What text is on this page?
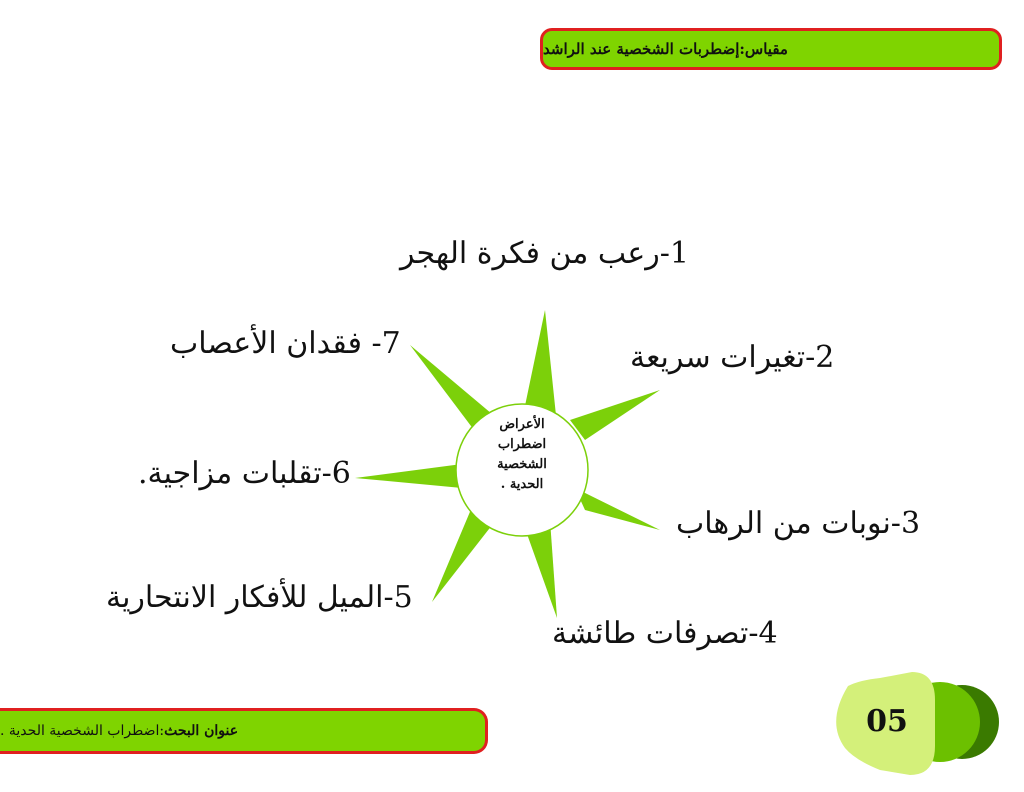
مقياس:إضطربات الشخصية عند الراشد
الأعراض
اضطراب
الشخصية
الحدية .
1-رعب من فكرة الهجر
2-تغيرات سريعة
3-نوبات من الرهاب
4-تصرفات طائشة
5-الميل للأفكار الانتحارية
6-تقلبات مزاجية.
7- فقدان الأعصاب
عنوان البحث
:اضطراب الشخصية الحدية .	05
